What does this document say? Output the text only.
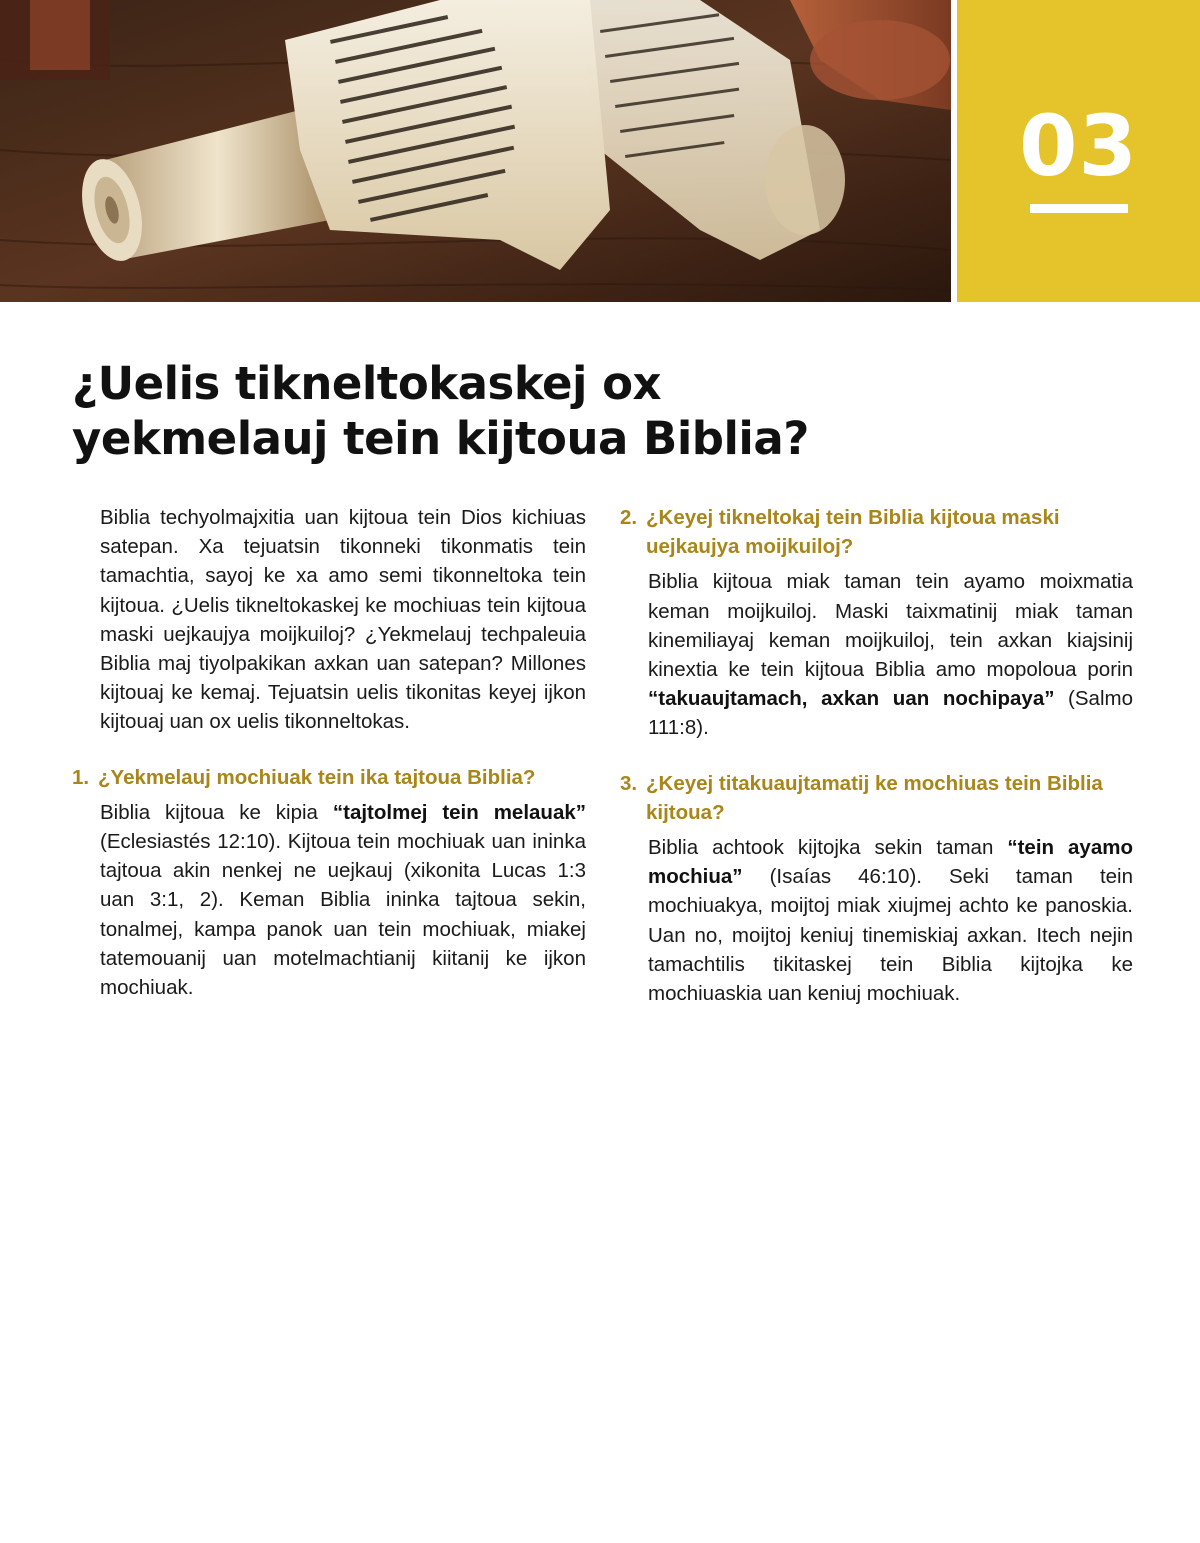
03
¿Uelis tikneltokaskej ox yekmelauj tein kijtoua Biblia?

Biblia techyolmajxitia uan kijtoua tein Dios kichiuas satepan. Xa tejuatsin tikonneki tikonmatis tein tamachtia, sayoj ke xa amo semi tikonneltoka tein kijtoua. ¿Uelis tikneltokaskej ke mochiuas tein kijtoua maski uejkaujya moijkuiloj? ¿Yekmelauj techpaleuia Biblia maj tiyolpakikan axkan uan satepan? Millones kijtouaj ke kemaj. Tejuatsin uelis tikonitas keyej ijkon kijtouaj uan ox uelis tikonneltokas.

1. ¿Yekmelauj mochiuak tein ika tajtoua Biblia?

Biblia kijtoua ke kipia “tajtolmej tein melauak” (Eclesiastés 12:10). Kijtoua tein mochiuak uan ininka tajtoua akin nenkej ne uejkauj (xikonita Lucas 1:3 uan 3:1, 2). Keman Biblia ininka tajtoua sekin, tonalmej, kampa panok uan tein mochiuak, miakej tatemouanij uan motelmachtianij kiitanij ke ijkon mochiuak.

2. ¿Keyej tikneltokaj tein Biblia kijtoua maski uejkaujya moijkuiloj?

Biblia kijtoua miak taman tein ayamo moixmatia keman moijkuiloj. Maski taixmatinij miak taman kinemiliayaj keman moijkuiloj, tein axkan kiajsinij kinextia ke tein kijtoua Biblia amo mopoloua porin “takuaujtamach, axkan uan nochipaya” (Salmo 111:8).

3. ¿Keyej titakuaujtamatij ke mochiuas tein Biblia kijtoua?

Biblia achtook kijtojka sekin taman “tein ayamo mochiua” (Isaías 46:10). Seki taman tein mochiuakya, moijtoj miak xiujmej achto ke panoskia. Uan no, moijtoj keniuj tinemiskiaj axkan. Itech nejin tamachtilis tikitaskej tein Biblia kijtojka ke mochiuaskia uan keniuj mochiuak.
